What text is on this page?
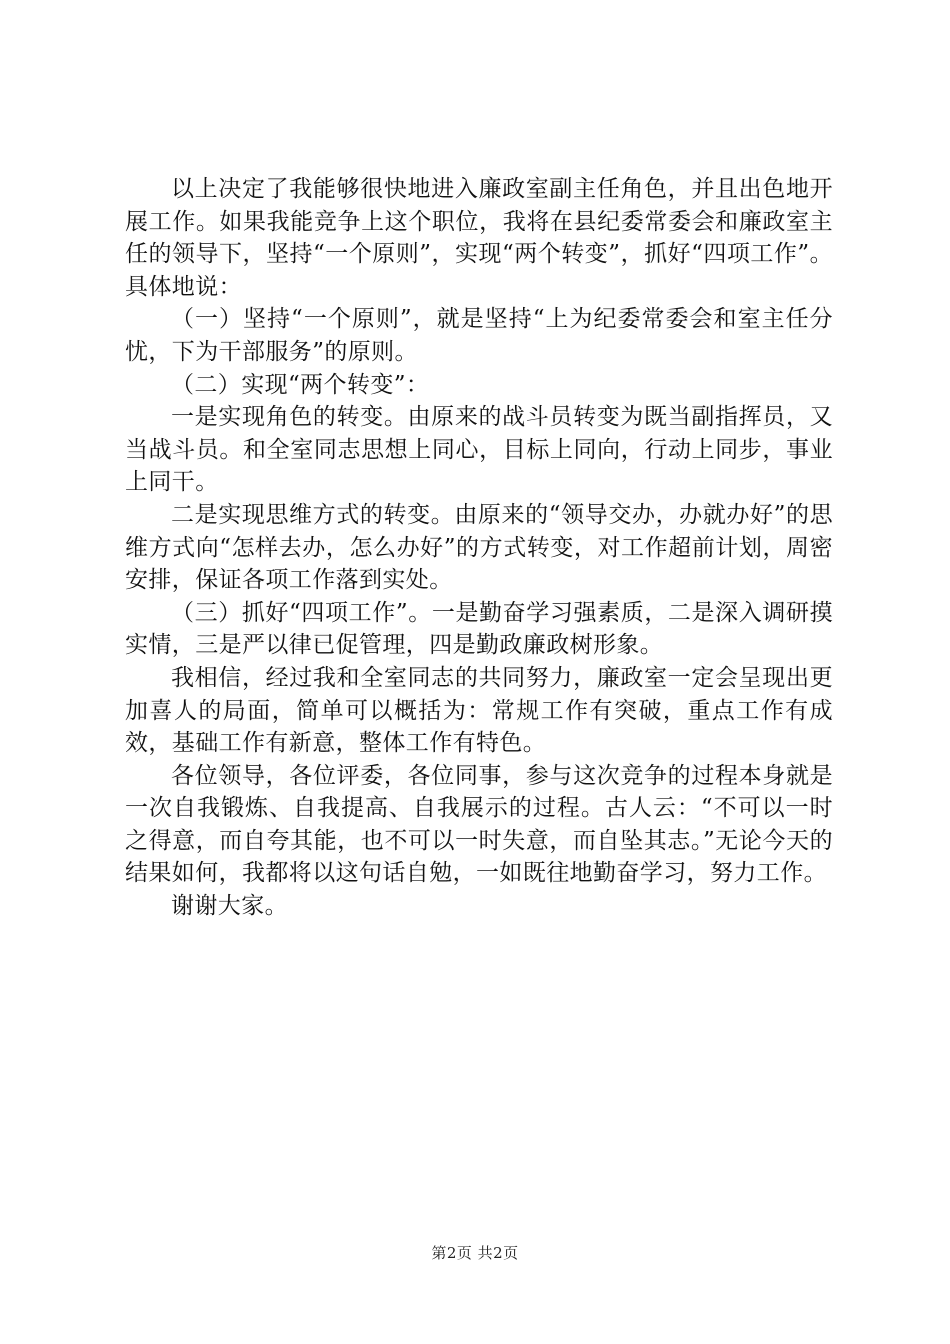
以上决定了我能够很快地进入廉政室副主任角色，并且出色地开展工作。如果我能竞争上这个职位，我将在县纪委常委会和廉政室主任的领导下，坚持“一个原则”，实现“两个转变”，抓好“四项工作”。具体地说：

（一）坚持“一个原则”，就是坚持“上为纪委常委会和室主任分忧，下为干部服务”的原则。

（二）实现“两个转变”：

一是实现角色的转变。由原来的战斗员转变为既当副指挥员，又当战斗员。和全室同志思想上同心，目标上同向，行动上同步，事业上同干。

二是实现思维方式的转变。由原来的“领导交办，办就办好”的思维方式向“怎样去办，怎么办好”的方式转变，对工作超前计划，周密安排，保证各项工作落到实处。

（三）抓好“四项工作”。一是勤奋学习强素质，二是深入调研摸实情，三是严以律已促管理，四是勤政廉政树形象。

我相信，经过我和全室同志的共同努力，廉政室一定会呈现出更加喜人的局面，简单可以概括为：常规工作有突破，重点工作有成效，基础工作有新意，整体工作有特色。

各位领导，各位评委，各位同事，参与这次竞争的过程本身就是一次自我锻炼、自我提高、自我展示的过程。古人云：“不可以一时之得意，而自夸其能，也不可以一时失意，而自坠其志。”无论今天的结果如何，我都将以这句话自勉，一如既往地勤奋学习，努力工作。

谢谢大家。

第2页 共2页
